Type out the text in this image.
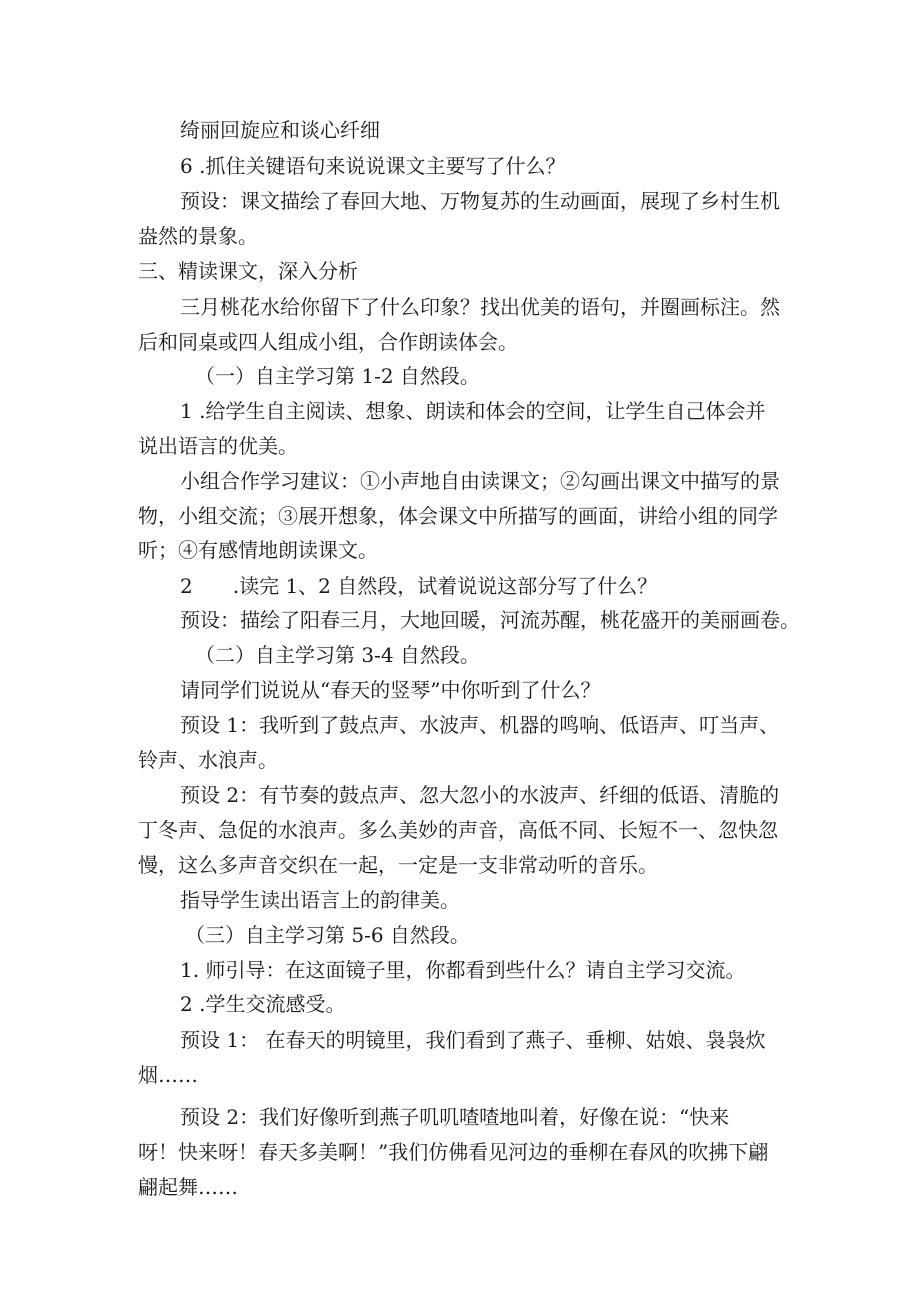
绮丽回旋应和谈心纤细
6 .抓住关键语句来说说课文主要写了什么？
预设：课文描绘了春回大地、万物复苏的生动画面，展现了乡村生机
盎然的景象。
三、精读课文，深入分析
三月桃花水给你留下了什么印象？找出优美的语句，并圈画标注。然
后和同桌或四人组成小组，合作朗读体会。
（一）自主学习第 1-2 自然段。
1 .给学生自主阅读、想象、朗读和体会的空间，让学生自己体会并
说出语言的优美。
小组合作学习建议：①小声地自由读课文；②勾画出课文中描写的景
物，小组交流；③展开想象，体会课文中所描写的画面，讲给小组的同学
听；④有感情地朗读课文。
2　　.读完 1、2 自然段，试着说说这部分写了什么？
预设：描绘了阳春三月，大地回暖，河流苏醒，桃花盛开的美丽画卷。
（二）自主学习第 3-4 自然段。
请同学们说说从“春天的竖琴”中你听到了什么？
预设 1：我听到了鼓点声、水波声、机器的鸣响、低语声、叮当声、
铃声、水浪声。
预设 2：有节奏的鼓点声、忽大忽小的水波声、纤细的低语、清脆的
丁冬声、急促的水浪声。多么美妙的声音，高低不同、长短不一、忽快忽
慢，这么多声音交织在一起，一定是一支非常动听的音乐。
指导学生读出语言上的韵律美。
（三）自主学习第 5-6 自然段。
1. 师引导：在这面镜子里，你都看到些什么？请自主学习交流。
2 .学生交流感受。
预设 1： 在春天的明镜里，我们看到了燕子、垂柳、姑娘、袅袅炊
烟……
预设 2：我们好像听到燕子叽叽喳喳地叫着，好像在说：“快来
呀！快来呀！春天多美啊！”我们仿佛看见河边的垂柳在春风的吹拂下翩
翩起舞……
